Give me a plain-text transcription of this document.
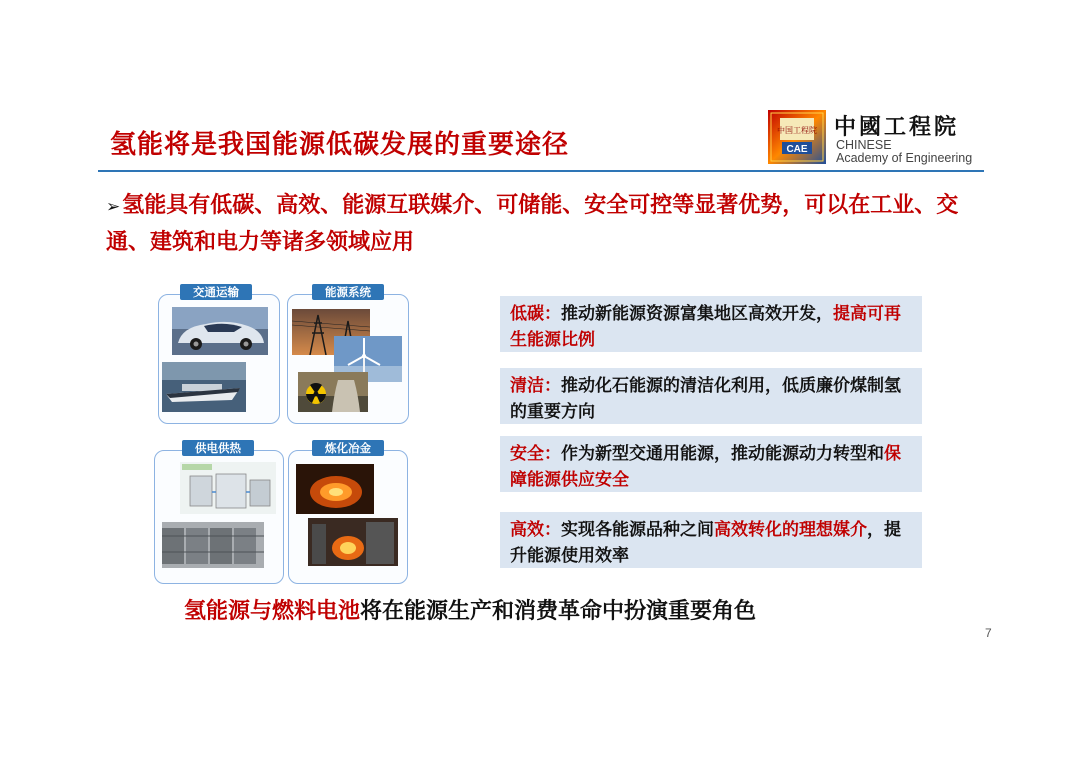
氢能将是我国能源低碳发展的重要途径	中国工程院
CAE
中國工程院
CHINESE
Academy of Engineering
➢氢能具有低碳、高效、能源互联媒介、可储能、安全可控等显著优势，可以在工业、交通、建筑和电力等诸多领域应用
交通运输	能源系统
供电供热	炼化冶金
低碳：推动新能源资源富集地区高效开发，提高可再生能源比例
清洁：推动化石能源的清洁化利用，低质廉价煤制氢的重要方向
安全：作为新型交通用能源，推动能源动力转型和保障能源供应安全
高效：实现各能源品种之间高效转化的理想媒介，提升能源使用效率
氢能源与燃料电池将在能源生产和消费革命中扮演重要角色
7
